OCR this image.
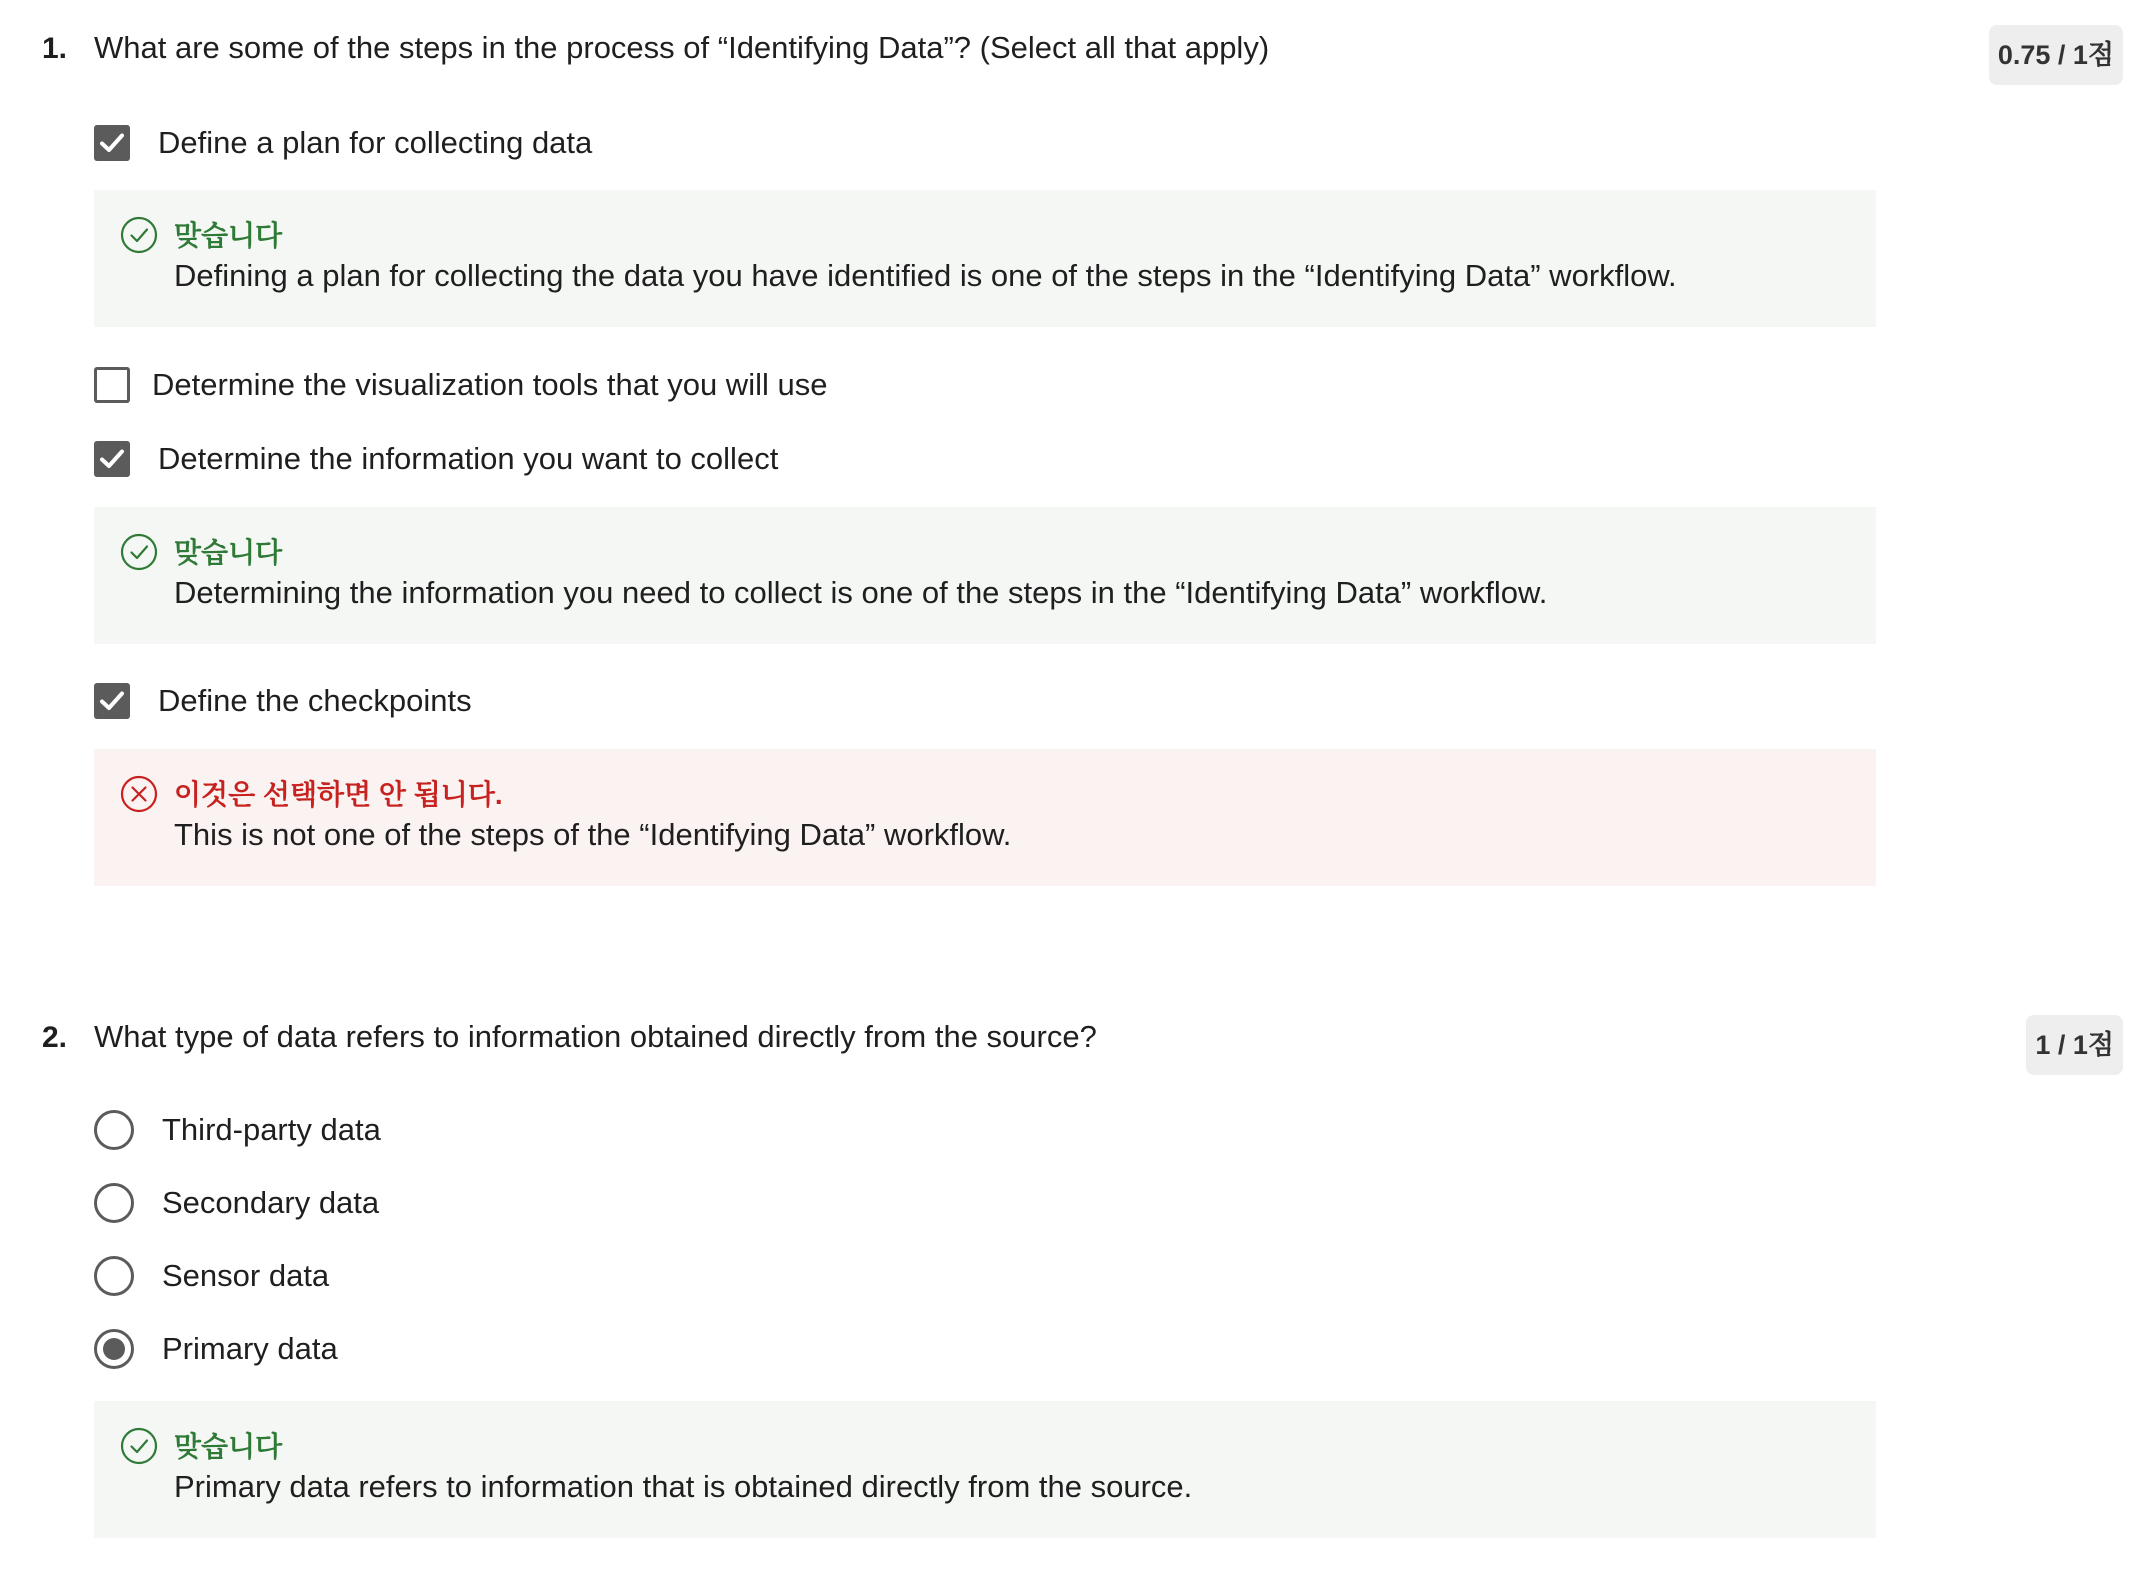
1. What are some of the steps in the process of “Identifying Data”? (Select all that apply)	0.75 / 1점
Define a plan for collecting data
맞습니다
Defining a plan for collecting the data you have identified is one of the steps in the “Identifying Data” workflow.
Determine the visualization tools that you will use
Determine the information you want to collect
맞습니다
Determining the information you need to collect is one of the steps in the “Identifying Data” workflow.
Define the checkpoints
이것은 선택하면 안 됩니다.
This is not one of the steps of the “Identifying Data” workflow.
2. What type of data refers to information obtained directly from the source?	1 / 1점
Third-party data
Secondary data
Sensor data
Primary data
맞습니다
Primary data refers to information that is obtained directly from the source.
